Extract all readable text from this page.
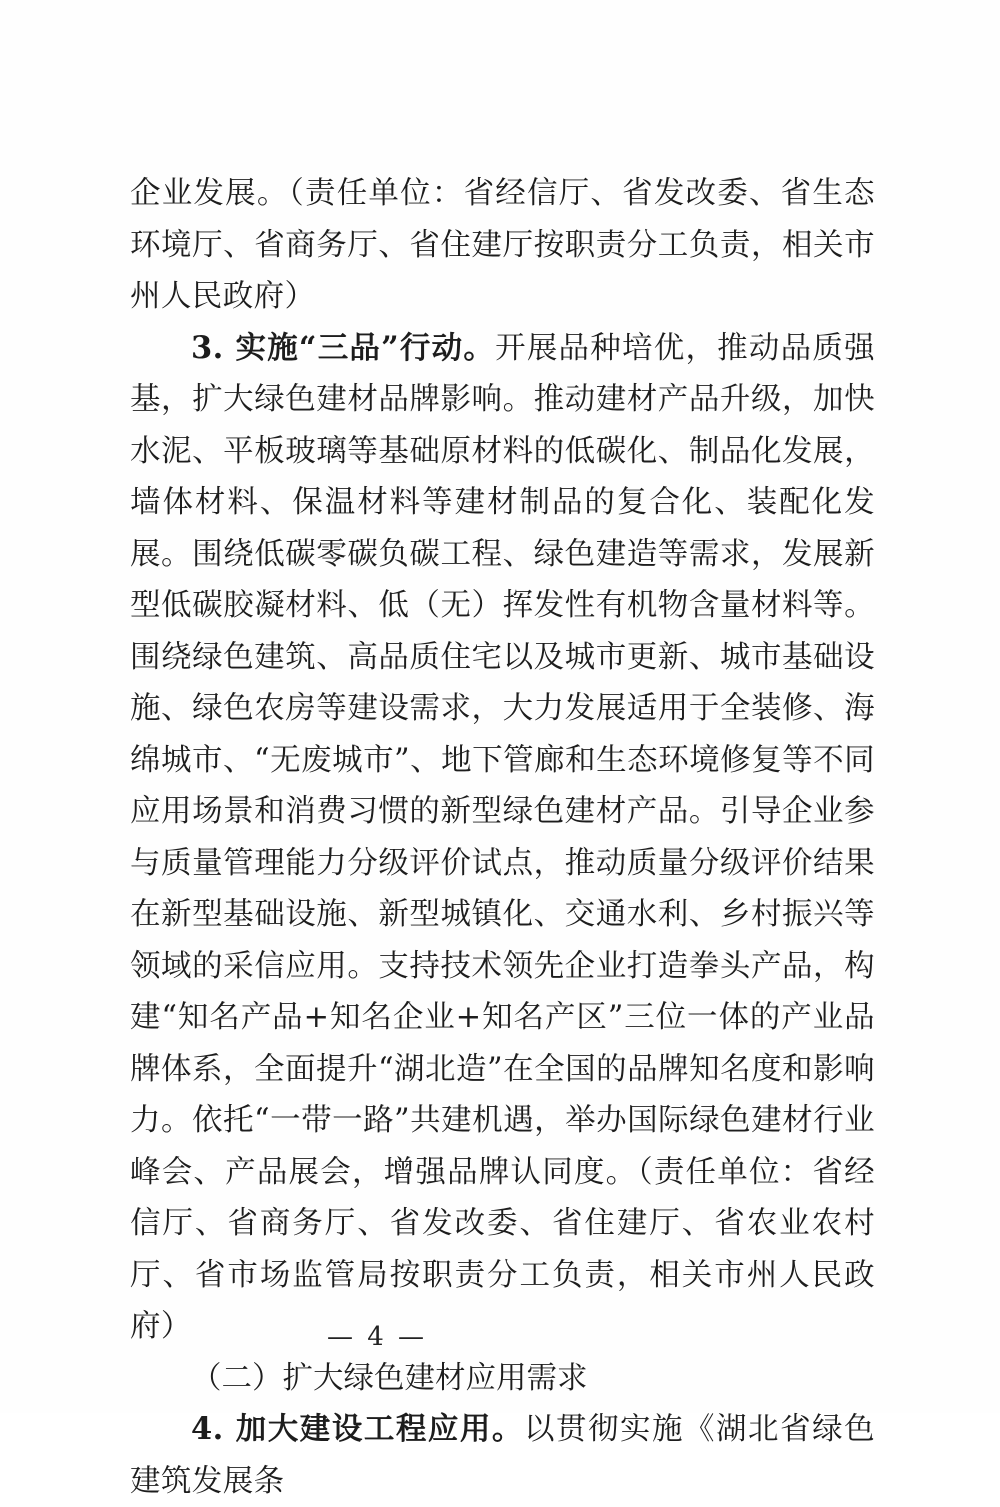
企业发展。（责任单位：省经信厅、省发改委、省生态环境厅、省商务厅、省住建厅按职责分工负责，相关市州人民政府）

3. 实施“三品”行动。开展品种培优，推动品质强基，扩大绿色建材品牌影响。推动建材产品升级，加快水泥、平板玻璃等基础原材料的低碳化、制品化发展，墙体材料、保温材料等建材制品的复合化、装配化发展。围绕低碳零碳负碳工程、绿色建造等需求，发展新型低碳胶凝材料、低（无）挥发性有机物含量材料等。围绕绿色建筑、高品质住宅以及城市更新、城市基础设施、绿色农房等建设需求，大力发展适用于全装修、海绵城市、“无废城市”、地下管廊和生态环境修复等不同应用场景和消费习惯的新型绿色建材产品。引导企业参与质量管理能力分级评价试点，推动质量分级评价结果在新型基础设施、新型城镇化、交通水利、乡村振兴等领域的采信应用。支持技术领先企业打造拳头产品，构建“知名产品+知名企业+知名产区”三位一体的产业品牌体系，全面提升“湖北造”在全国的品牌知名度和影响力。依托“一带一路”共建机遇，举办国际绿色建材行业峰会、产品展会，增强品牌认同度。（责任单位：省经信厅、省商务厅、省发改委、省住建厅、省农业农村厅、省市场监管局按职责分工负责，相关市州人民政府）

（二）扩大绿色建材应用需求

4. 加大建设工程应用。以贯彻实施《湖北省绿色建筑发展条

— 4 —
